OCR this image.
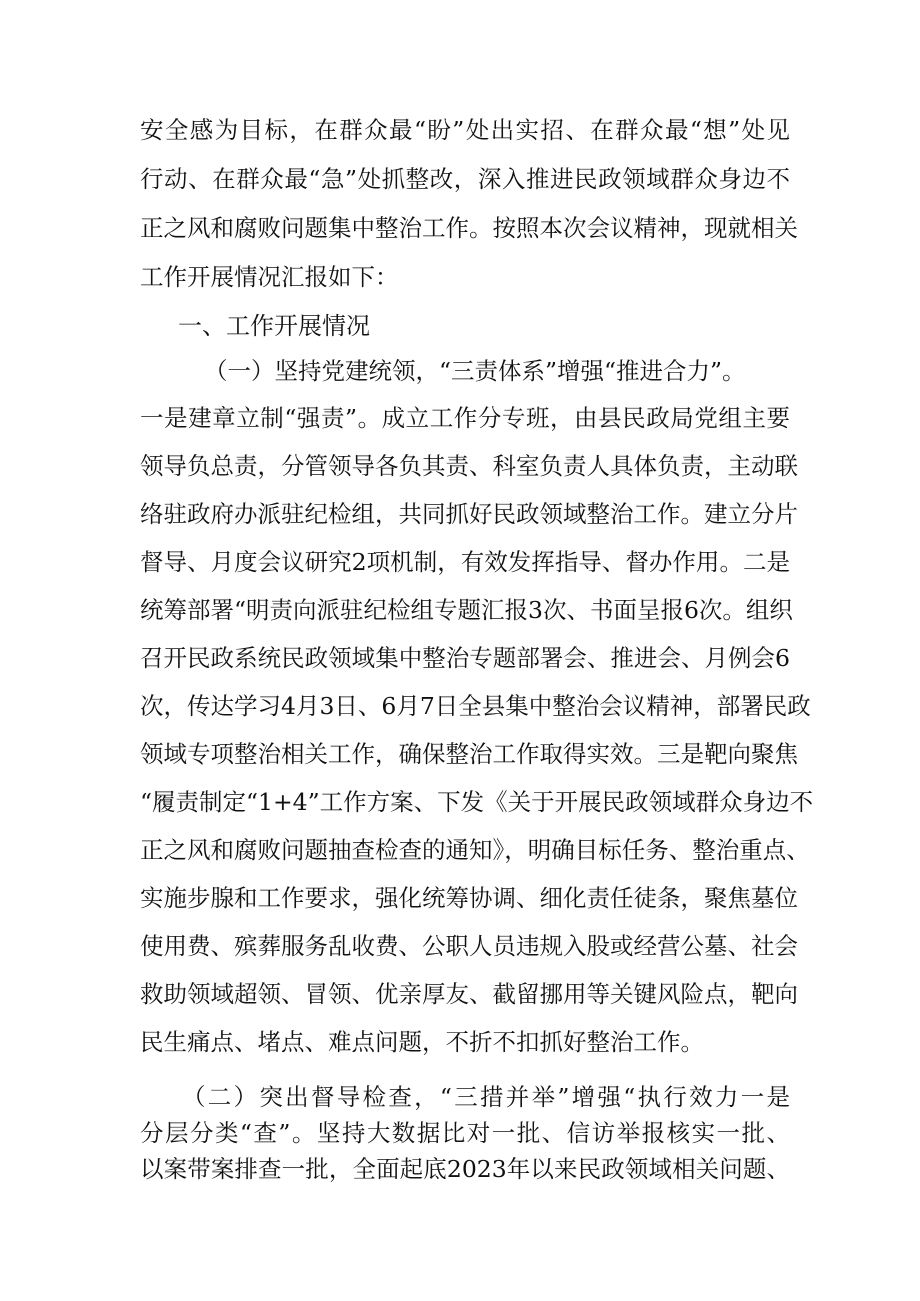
安全感为目标，在群众最“盼”处出实招、在群众最“想”处见
行动、在群众最“急”处抓整改，深入推进民政领域群众身边不
正之风和腐败问题集中整治工作。按照本次会议精神，现就相关
工作开展情况汇报如下：
一、工作开展情况
（一）坚持党建统领，“三责体系”增强“推进合力”。
一是建章立制“强责”。成立工作分专班，由县民政局党组主要
领导负总责，分管领导各负其责、科室负责人具体负责，主动联
络驻政府办派驻纪检组，共同抓好民政领域整治工作。建立分片
督导、月度会议研究2项机制，有效发挥指导、督办作用。二是
统筹部署“明责向派驻纪检组专题汇报3次、书面呈报6次。组织
召开民政系统民政领域集中整治专题部署会、推进会、月例会6
次，传达学习4月3日、6月7日全县集中整治会议精神，部署民政
领域专项整治相关工作，确保整治工作取得实效。三是靶向聚焦
“履责制定“1+4”工作方案、下发《关于开展民政领域群众身边不
正之风和腐败问题抽查检查的通知》，明确目标任务、整治重点、
实施步腺和工作要求，强化统筹协调、细化责任徒条，聚焦墓位
使用费、殡葬服务乱收费、公职人员违规入股或经营公墓、社会
救助领域超领、冒领、优亲厚友、截留挪用等关键风险点，靶向
民生痛点、堵点、难点问题，不折不扣抓好整治工作。
（二）突出督导检查，“三措并举”增强“执行效力一是
分层分类“查”。坚持大数据比对一批、信访举报核实一批、
以案带案排查一批，全面起底2023年以来民政领域相关问题、
